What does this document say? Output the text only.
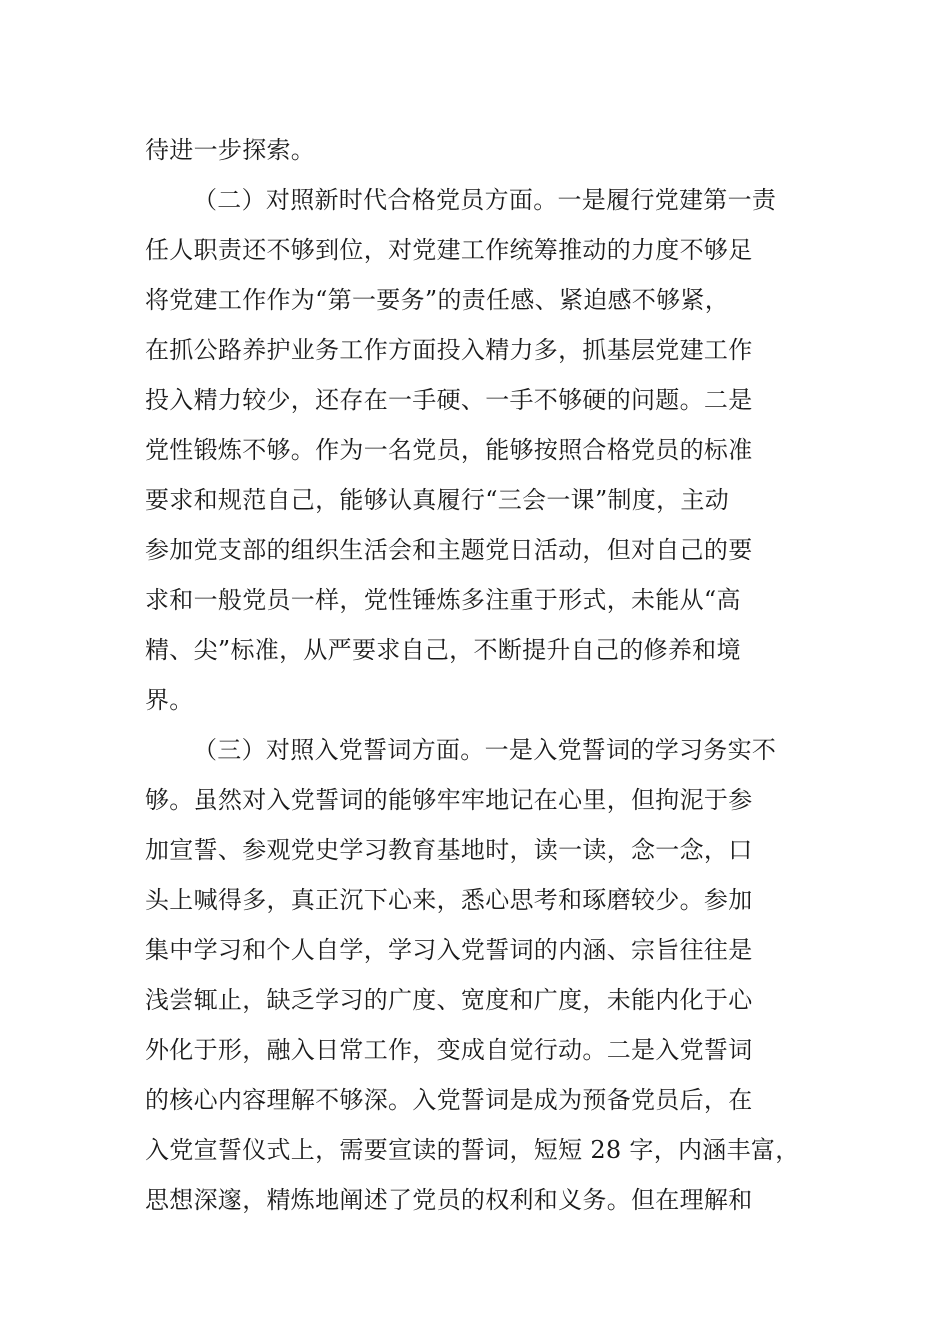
待进一步探索。
（二）对照新时代合格党员方面。一是履行党建第一责
任人职责还不够到位，对党建工作统筹推动的力度不够足
将党建工作作为“第一要务”的责任感、紧迫感不够紧，
在抓公路养护业务工作方面投入精力多，抓基层党建工作
投入精力较少，还存在一手硬、一手不够硬的问题。二是
党性锻炼不够。作为一名党员，能够按照合格党员的标准
要求和规范自己，能够认真履行“三会一课”制度，主动
参加党支部的组织生活会和主题党日活动，但对自己的要
求和一般党员一样，党性锤炼多注重于形式，未能从“高
精、尖”标准，从严要求自己，不断提升自己的修养和境
界。
（三）对照入党誓词方面。一是入党誓词的学习务实不
够。虽然对入党誓词的能够牢牢地记在心里，但拘泥于参
加宣誓、参观党史学习教育基地时，读一读，念一念，口
头上喊得多，真正沉下心来，悉心思考和琢磨较少。参加
集中学习和个人自学，学习入党誓词的内涵、宗旨往往是
浅尝辄止，缺乏学习的广度、宽度和广度，未能内化于心
外化于形，融入日常工作，变成自觉行动。二是入党誓词
的核心内容理解不够深。入党誓词是成为预备党员后，在
入党宣誓仪式上，需要宣读的誓词，短短 28 字，内涵丰富，
思想深邃，精炼地阐述了党员的权利和义务。但在理解和
